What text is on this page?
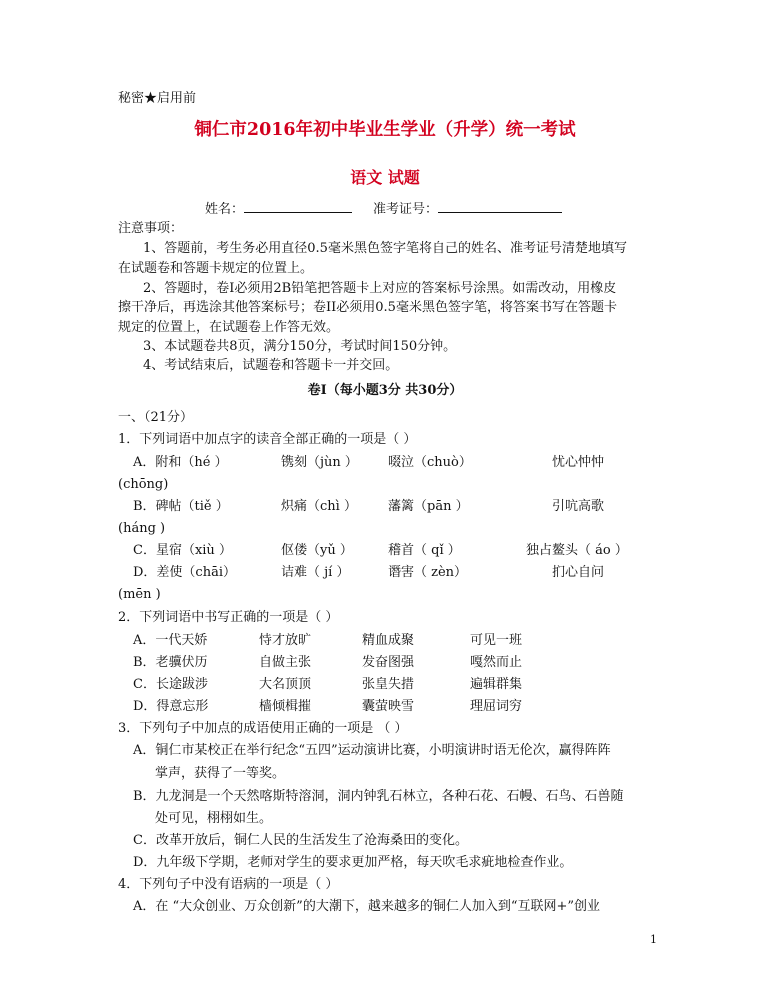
秘密★启用前
铜仁市2016年初中毕业生学业（升学）统一考试
语文 试题
姓名：	准考证号：
注意事项：
1、答题前，考生务必用直径0.5毫米黑色签字笔将自己的姓名、准考证号清楚地填写
在试题卷和答题卡规定的位置上。
2、答题时，卷I必须用2B铅笔把答题卡上对应的答案标号涂黑。如需改动，用橡皮
擦干净后，再选涂其他答案标号；卷II必须用0.5毫米黑色签字笔，将答案书写在答题卡
规定的位置上，在试题卷上作答无效。
3、本试题卷共8页，满分150分，考试时间150分钟。
4、考试结束后，试题卷和答题卡一并交回。
卷I（每小题3分 共30分）
一、（21分）
1．下列词语中加点字的读音全部正确的一项是（ ）
A．附和（hé ）	镌刻（jùn ） 啜泣（chuò）	忧心忡忡
(chōng)
B．碑帖（tiě ）	炽痛（chì ） 藩篱（pān ）	引吭高歌
(háng )
C．星宿（xiù ）	伛偻（yǔ ）	稽首（ qǐ ）	独占鳌头（ áo ）
D．差使（chāi）	诘难（ jí ）	谮害（ zèn）	扪心自问
(mēn )
2．下列词语中书写正确的一项是（ ）
A．一代天娇	恃才放旷	精血成聚	可见一班
B．老骥伏历	自做主张	发奋图强	嘎然而止
C．长途跋涉	大名顶顶	张皇失措	遍辑群集
D．得意忘形	樯倾楫摧	囊萤映雪	理屈词穷
3．下列句子中加点的成语使用正确的一项是 （ ）
A．铜仁市某校正在举行纪念“五四”运动演讲比赛，小明演讲时语无伦次，赢得阵阵
掌声，获得了一等奖。
B．九龙洞是一个天然喀斯特溶洞，洞内钟乳石林立，各种石花、石幔、石鸟、石兽随
处可见，栩栩如生。
C．改革开放后，铜仁人民的生活发生了沧海桑田的变化。
D．九年级下学期，老师对学生的要求更加严格，每天吹毛求疵地检查作业。
4．下列句子中没有语病的一项是（ ）
A．在 “大众创业、万众创新”的大潮下，越来越多的铜仁人加入到“互联网+”创业
1
